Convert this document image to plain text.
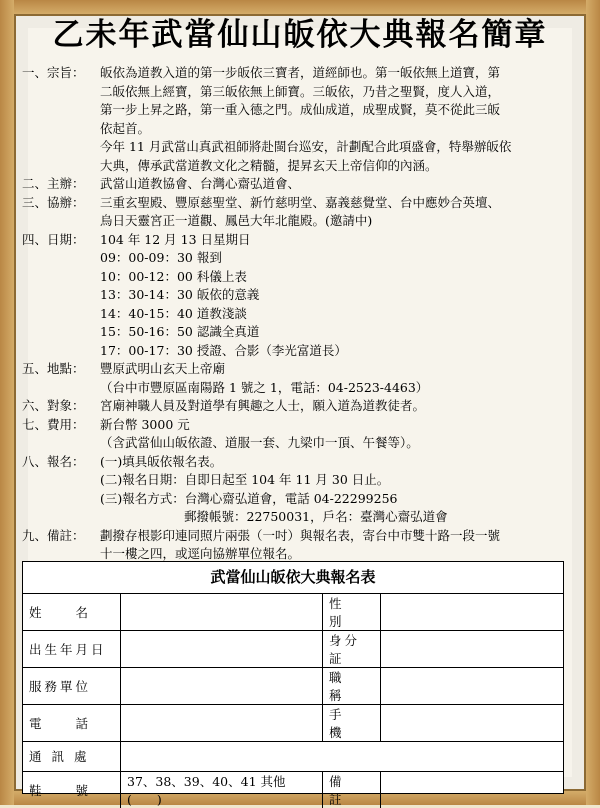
乙未年武當仙山皈依大典報名簡章
一、宗旨：	皈依為道教入道的第一步皈依三寶者，道經師也。第一皈依無上道寶，第
二皈依無上經寶，第三皈依無上師寶。三皈依，乃昔之聖賢，度人入道，
第一步上昇之路，第一重入德之門。成仙成道，成聖成賢，莫不從此三皈
依起首。
今年 11 月武當山真武祖師將赴閩台巡安，計劃配合此項盛會，特舉辦皈依
大典，傳承武當道教文化之精髓，提昇玄天上帝信仰的內涵。
二、主辦：	武當山道教協會、台灣心齋弘道會、
三、協辦：	三重玄聖殿、豐原慈聖堂、新竹慈明堂、嘉義慈覺堂、台中應妙合英壇、
烏日天靈宮正一道觀、鳳邑大年北龍殿。(邀請中)
四、日期：	104 年 12 月 13 日星期日
09：00-09：30 報到
10：00-12：00 科儀上表
13：30-14：30 皈依的意義
14：40-15：40 道教淺談
15：50-16：50 認識全真道
17：00-17：30 授證、合影（李光富道長）
五、地點：	豐原武明山玄天上帝廟
（台中市豐原區南陽路 1 號之 1，電話：04-2523-4463）
六、對象：	宮廟神職人員及對道學有興趣之人士，願入道為道教徒者。
七、費用：	新台幣 3000 元
（含武當仙山皈依證、道服一套、九梁巾一頂、午餐等）。
八、報名：	(一)填具皈依報名表。
(二)報名日期：自即日起至 104 年 11 月 30 日止。
(三)報名方式：台灣心齋弘道會，電話 04-22299256
郵撥帳號：22750031，戶名：臺灣心齋弘道會
九、備註：	劃撥存根影印連同照片兩張（一吋）與報名表，寄台中市雙十路一段一號
十一樓之四，或逕向協辦單位報名。
武當仙山皈依大典報名表
姓　　名		性　別	
出生年月日		身分証	
服務單位		職　稱	
電　　話		手　機	
通 訊 處			
鞋　　號	37、38、39、40、41 其他(　　)	備　註	
